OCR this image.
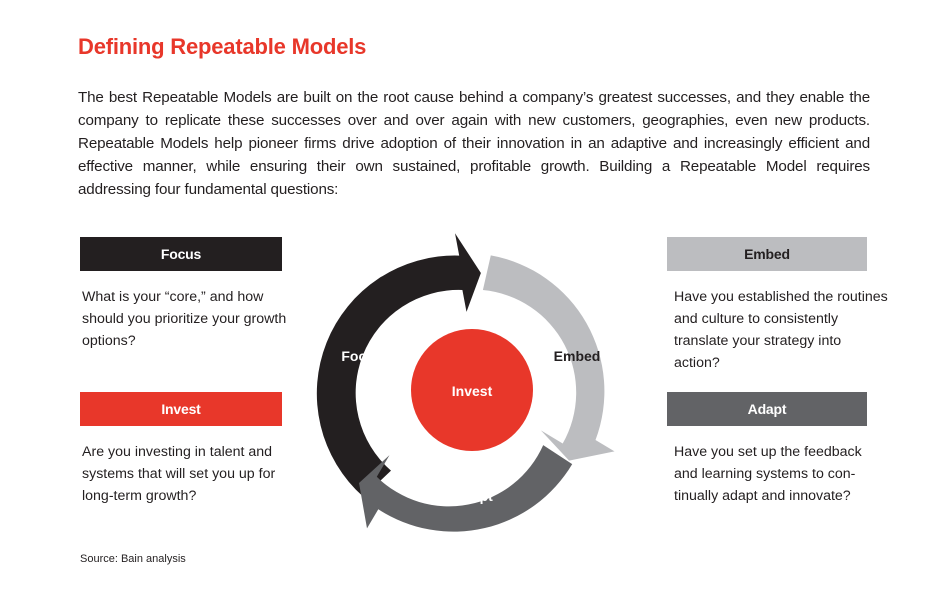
Defining Repeatable Models

The best Repeatable Models are built on the root cause behind a company’s greatest successes, and they enable the company to replicate these successes over and over again with new customers, geographies, even new products. Repeatable Models help pioneer firms drive adoption of their innovation in an adaptive and increasingly efficient and effective manner, while ensuring their own sustained, profitable growth. Building a Repeatable Model requires addressing four fundamental questions:

Focus

What is your “core,” and how should you prioritize your growth options?

Invest

Are you investing in talent and systems that will set you up for long-term growth?

Embed

Have you established the routines and culture to consistently translate your strategy into action?

Adapt

Have you set up the feedback and learning systems to con-tinually adapt and innovate?

Invest
Focus	Embed
Adapt

Source: Bain analysis
